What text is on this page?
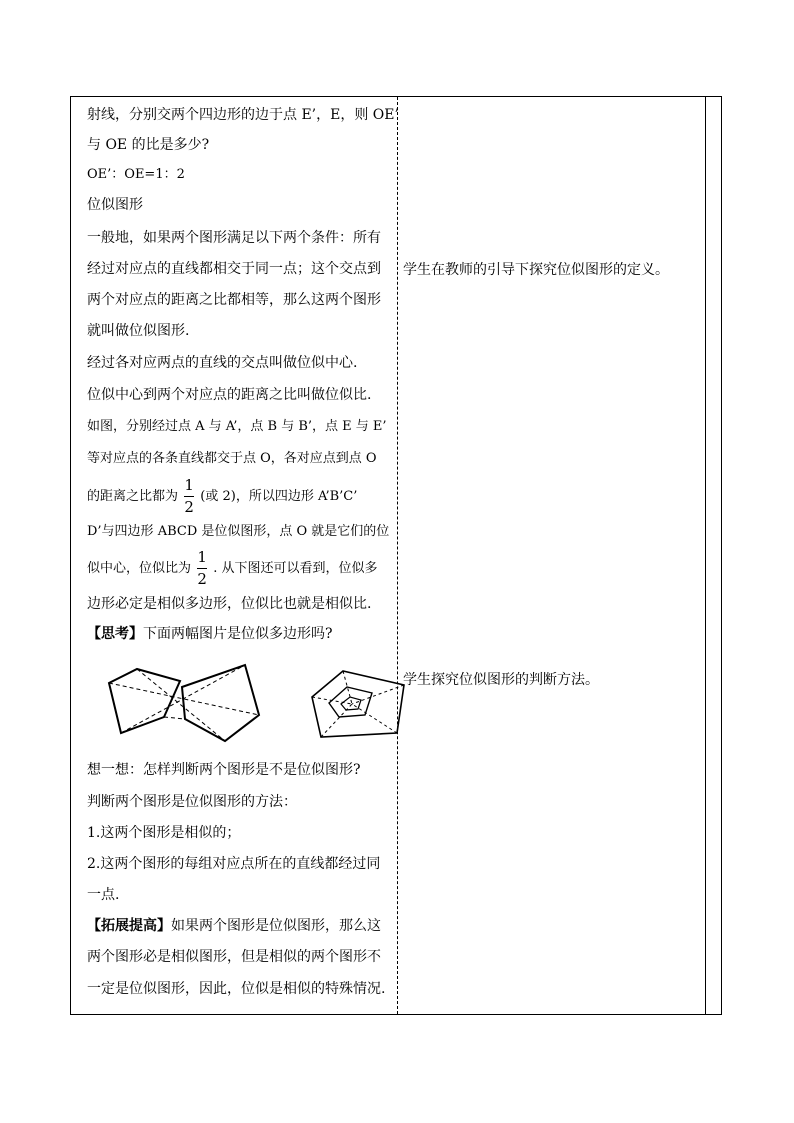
射线，分别交两个四边形的边于点 E’，E，则 OE’
与 OE 的比是多少?
OE’：OE=1：2
位似图形
一般地，如果两个图形满足以下两个条件：所有
经过对应点的直线都相交于同一点；这个交点到
两个对应点的距离之比都相等，那么这两个图形
就叫做位似图形.
经过各对应两点的直线的交点叫做位似中心.
位似中心到两个对应点的距离之比叫做位似比.
如图，分别经过点 A 与 A’，点 B 与 B’，点 E 与 E’
等对应点的各条直线都交于点 O，各对应点到点 O
的距离之比都为 $\frac{1}{2}$ (或 2)，所以四边形 A’B’C’
D’与四边形 ABCD 是位似图形，点 O 就是它们的位
似中心，位似比为 $\frac{1}{2}$ . 从下图还可以看到，位似多
边形必定是相似多边形，位似比也就是相似比.
【思考】下面两幅图片是位似多边形吗?
想一想：怎样判断两个图形是不是位似图形?
判断两个图形是位似图形的方法：
1.这两个图形是相似的；
2.这两个图形的每组对应点所在的直线都经过同
一点.
【拓展提高】如果两个图形是位似图形，那么这
两个图形必是相似图形，但是相似的两个图形不
一定是位似图形，因此，位似是相似的特殊情况.
学生在教师的引导下探究位似图形的定义。
学生探究位似图形的判断方法。
